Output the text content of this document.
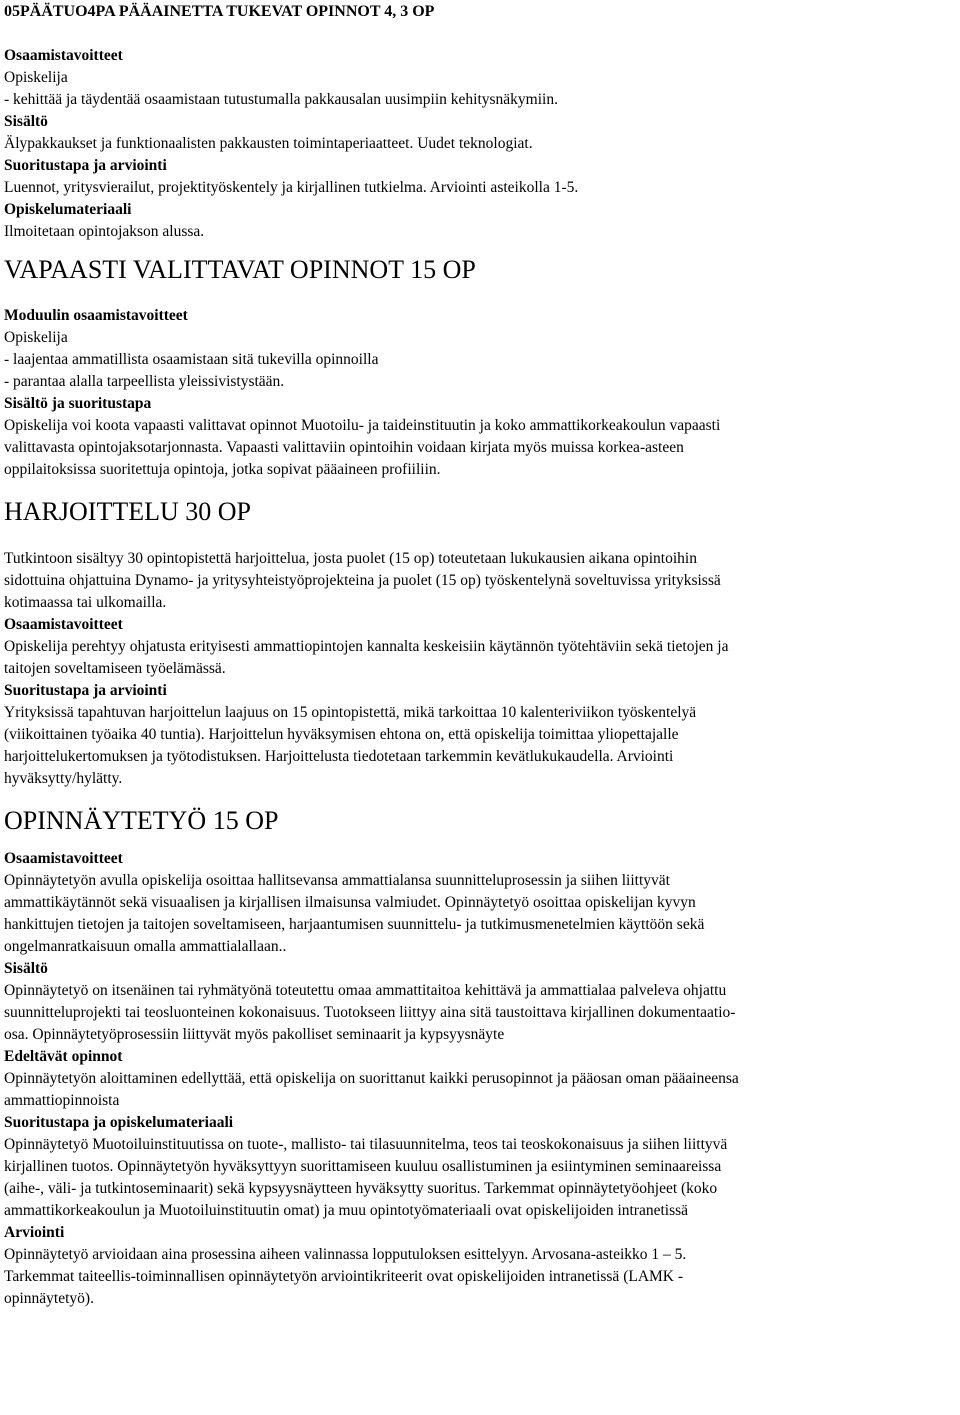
05PÄÄTUO4PA PÄÄAINETTA TUKEVAT OPINNOT 4, 3 OP
Osaamistavoitteet
Opiskelija
- kehittää ja täydentää osaamistaan tutustumalla pakkausalan uusimpiin kehitysnäkymiin.
Sisältö
Älypakkaukset ja funktionaalisten pakkausten toimintaperiaatteet. Uudet teknologiat.
Suoritustapa ja arviointi
Luennot, yritysvierailut, projektityöskentely ja kirjallinen tutkielma. Arviointi asteikolla 1-5.
Opiskelumateriaali
Ilmoitetaan opintojakson alussa.
VAPAASTI VALITTAVAT OPINNOT 15 OP
Moduulin osaamistavoitteet
Opiskelija
- laajentaa ammatillista osaamistaan sitä tukevilla opinnoilla
- parantaa alalla tarpeellista yleissivistystään.
Sisältö ja suoritustapa
Opiskelija voi koota vapaasti valittavat opinnot Muotoilu- ja taideinstituutin ja koko ammattikorkeakoulun vapaasti
valittavasta opintojaksotarjonnasta. Vapaasti valittaviin opintoihin voidaan kirjata myös muissa korkea-asteen
oppilaitoksissa suoritettuja opintoja, jotka sopivat pääaineen profiiliin.
HARJOITTELU 30 OP
Tutkintoon sisältyy 30 opintopistettä harjoittelua, josta puolet (15 op) toteutetaan lukukausien aikana opintoihin
sidottuina ohjattuina Dynamo- ja yritysyhteistyöprojekteina ja puolet (15 op) työskentelynä soveltuvissa yrityksissä
kotimaassa tai ulkomailla.
Osaamistavoitteet
Opiskelija perehtyy ohjatusta erityisesti ammattiopintojen kannalta keskeisiin käytännön työtehtäviin sekä tietojen ja
taitojen soveltamiseen työelämässä.
Suoritustapa ja arviointi
Yrityksissä tapahtuvan harjoittelun laajuus on 15 opintopistettä, mikä tarkoittaa 10 kalenteriviikon työskentelyä
(viikoittainen työaika 40 tuntia). Harjoittelun hyväksymisen ehtona on, että opiskelija toimittaa yliopettajalle
harjoittelukertomuksen ja työtodistuksen. Harjoittelusta tiedotetaan tarkemmin kevätlukukaudella. Arviointi
hyväksytty/hylätty.
OPINNÄYTETYÖ 15 OP
Osaamistavoitteet
Opinnäytetyön avulla opiskelija osoittaa hallitsevansa ammattialansa suunnitteluprosessin ja siihen liittyvät
ammattikäytännöt sekä visuaalisen ja kirjallisen ilmaisunsa valmiudet. Opinnäytetyö osoittaa opiskelijan kyvyn
hankittujen tietojen ja taitojen soveltamiseen, harjaantumisen suunnittelu- ja tutkimusmenetelmien käyttöön sekä
ongelmanratkaisuun omalla ammattialallaan..
Sisältö
Opinnäytetyö on itsenäinen tai ryhmätyönä toteutettu omaa ammattitaitoa kehittävä ja ammattialaa palveleva ohjattu
suunnitteluprojekti tai teosluonteinen kokonaisuus. Tuotokseen liittyy aina sitä taustoittava kirjallinen dokumentaatio-
osa. Opinnäytetyöprosessiin liittyvät myös pakolliset seminaarit ja kypsyysnäyte
Edeltävät opinnot
Opinnäytetyön aloittaminen edellyttää, että opiskelija on suorittanut kaikki perusopinnot ja pääosan oman pääaineensa
ammattiopinnoista
Suoritustapa ja opiskelumateriaali
Opinnäytetyö Muotoiluinstituutissa on tuote-, mallisto- tai tilasuunnitelma, teos tai teoskokonaisuus ja siihen liittyvä
kirjallinen tuotos. Opinnäytetyön hyväksyttyyn suorittamiseen kuuluu osallistuminen ja esiintyminen seminaareissa
(aihe-, väli- ja tutkintoseminaarit) sekä kypsyysnäytteen hyväksytty suoritus. Tarkemmat opinnäytetyöohjeet (koko
ammattikorkeakoulun ja Muotoiluinstituutin omat) ja muu opintotyömateriaali ovat opiskelijoiden intranetissä
Arviointi
Opinnäytetyö arvioidaan aina prosessina aiheen valinnassa lopputuloksen esittelyyn. Arvosana-asteikko 1 – 5.
Tarkemmat taiteellis-toiminnallisen opinnäytetyön arviointikriteerit ovat opiskelijoiden intranetissä (LAMK -
opinnäytetyö).
